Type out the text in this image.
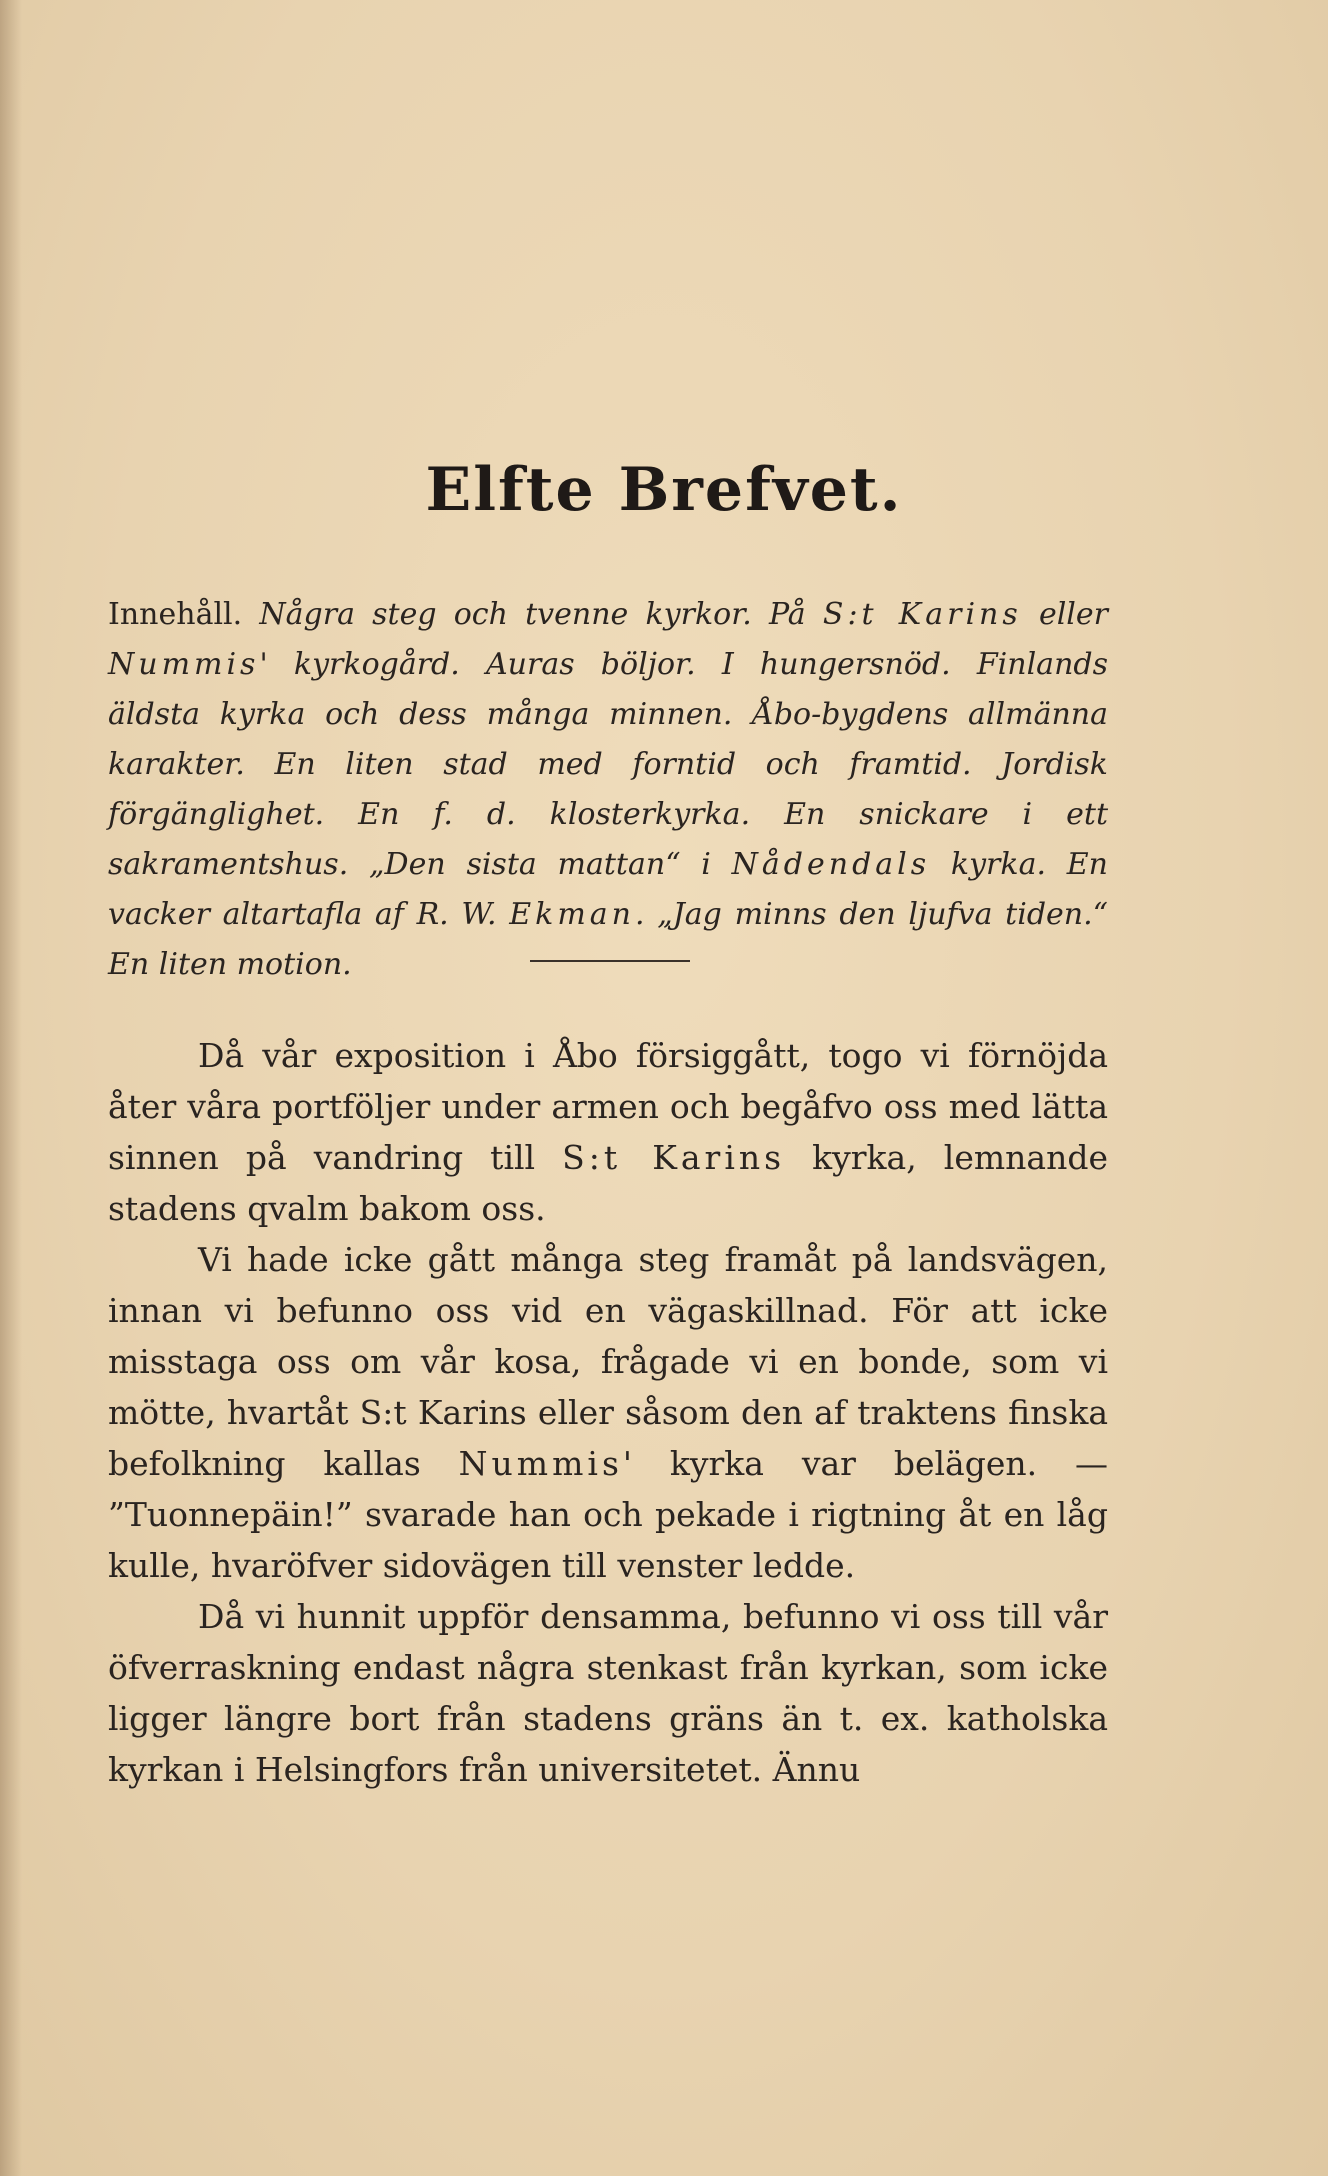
Elfte Brefvet.
Innehåll. Några steg och tvenne kyrkor. På S:t Karins eller Nummis' kyrkogård. Auras böljor. I hungersnöd. Finlands äldsta kyrka och dess många minnen. Åbo-bygdens allmänna karakter. En liten stad med forntid och framtid. Jordisk förgänglighet. En f. d. klosterkyrka. En snickare i ett sakramentshus. „Den sista mattan“ i Nådendals kyrka. En vacker altartafla af R. W. Ekman. „Jag minns den ljufva tiden.“ En liten motion.

Då vår exposition i Åbo försiggått, togo vi förnöjda åter våra portföljer under armen och begåfvo oss med lätta sinnen på vandring till S:t Karins kyrka, lemnande stadens qvalm bakom oss.

Vi hade icke gått många steg framåt på landsvägen, innan vi befunno oss vid en vägaskillnad. För att icke misstaga oss om vår kosa, frågade vi en bonde, som vi mötte, hvartåt S:t Karins eller såsom den af traktens finska befolkning kallas Nummis' kyrka var belägen. — ”Tuonnepäin!” svarade han och pekade i rigtning åt en låg kulle, hvaröfver sidovägen till venster ledde.

Då vi hunnit uppför densamma, befunno vi oss till vår öfverraskning endast några stenkast från kyrkan, som icke ligger längre bort från stadens gräns än t. ex. katholska kyrkan i Helsingfors från universitetet. Ännu
